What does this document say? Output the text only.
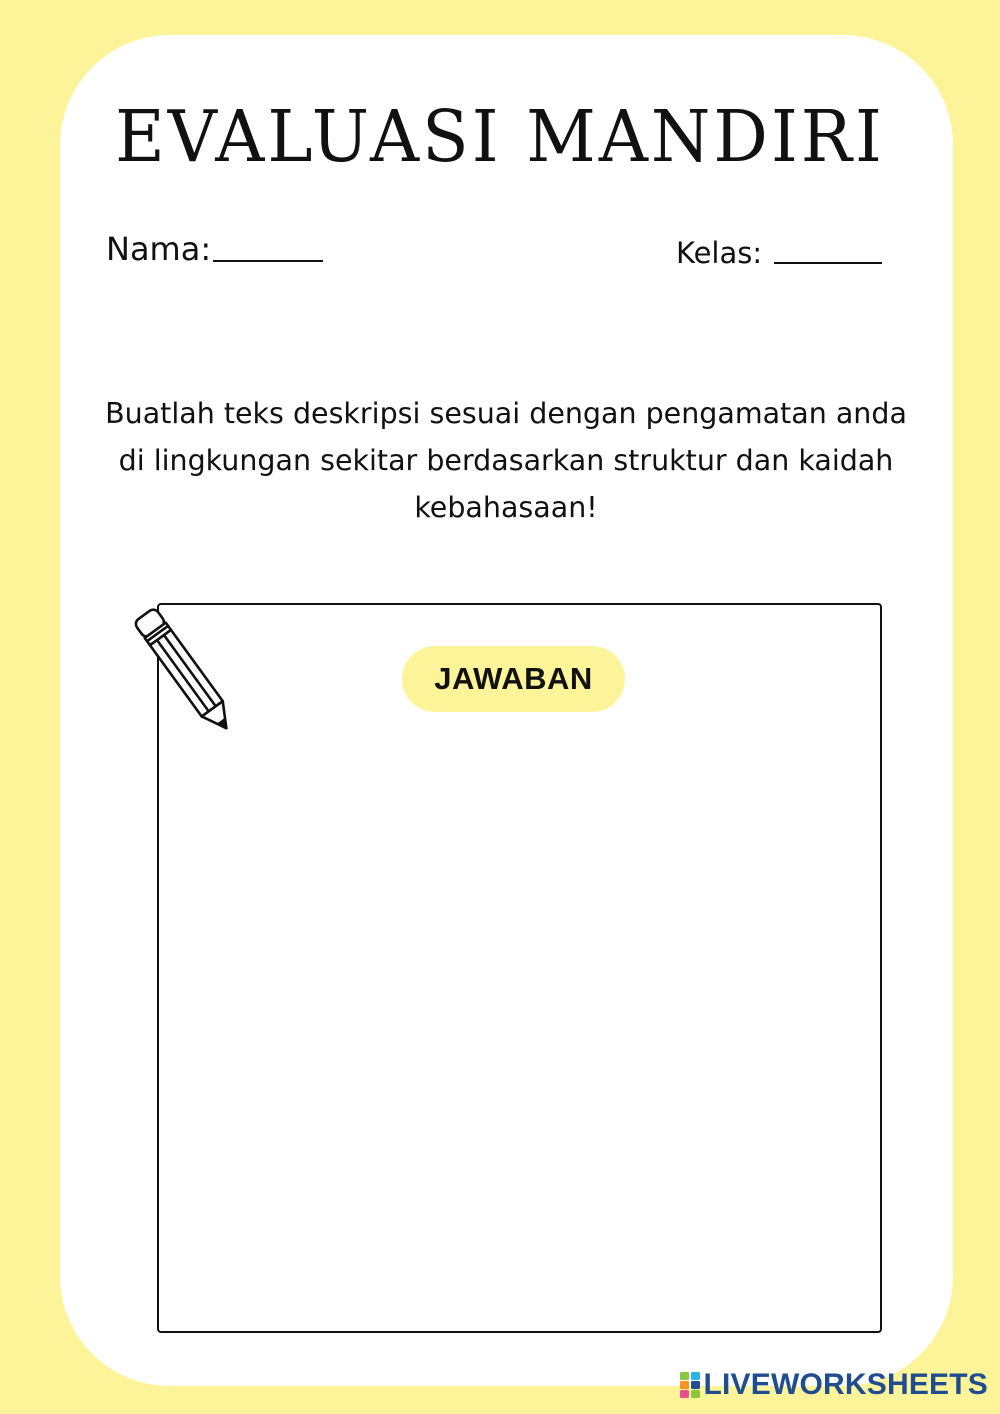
EVALUASI MANDIRI
Nama:	Kelas:

Buatlah teks deskripsi sesuai dengan pengamatan anda di lingkungan sekitar berdasarkan struktur dan kaidah kebahasaan!

JAWABAN
LIVEWORKSHEETS
